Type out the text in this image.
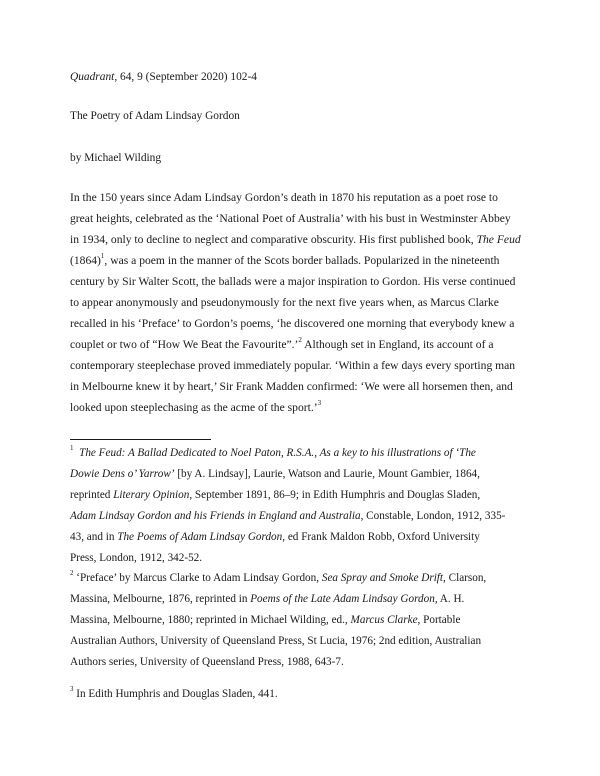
Quadrant, 64, 9 (September 2020) 102-4
The Poetry of Adam Lindsay Gordon
by Michael Wilding
In the 150 years since Adam Lindsay Gordon’s death in 1870 his reputation as a poet rose to
great heights, celebrated as the ‘National Poet of Australia’ with his bust in Westminster Abbey
in 1934, only to decline to neglect and comparative obscurity. His first published book, The Feud
$(1864)^1$, was a poem in the manner of the Scots border ballads. Popularized in the nineteenth
century by Sir Walter Scott, the ballads were a major inspiration to Gordon. His verse continued
to appear anonymously and pseudonymously for the next five years when, as Marcus Clarke
recalled in his ‘Preface’ to Gordon’s poems, ‘he discovered one morning that everybody knew a
couplet or two of “How We Beat the Favourite”.’$^2$ Although set in England, its account of a
contemporary steeplechase proved immediately popular. ‘Within a few days every sporting man
in Melbourne knew it by heart,’ Sir Frank Madden confirmed: ‘We were all horsemen then, and
looked upon steeplechasing as the acme of the sport.’$^3$
$^1$ The Feud: A Ballad Dedicated to Noel Paton, R.S.A., As a key to his illustrations of ‘The
Dowie Dens o’ Yarrow’ [by A. Lindsay], Laurie, Watson and Laurie, Mount Gambier, 1864,
reprinted Literary Opinion, September 1891, 86–9; in Edith Humphris and Douglas Sladen,
Adam Lindsay Gordon and his Friends in England and Australia, Constable, London, 1912, 335-
43, and in The Poems of Adam Lindsay Gordon, ed Frank Maldon Robb, Oxford University
Press, London, 1912, 342-52.
$^2$ ‘Preface’ by Marcus Clarke to Adam Lindsay Gordon, Sea Spray and Smoke Drift, Clarson,
Massina, Melbourne, 1876, reprinted in Poems of the Late Adam Lindsay Gordon, A. H.
Massina, Melbourne, 1880; reprinted in Michael Wilding, ed., Marcus Clarke, Portable
Australian Authors, University of Queensland Press, St Lucia, 1976; 2nd edition, Australian
Authors series, University of Queensland Press, 1988, 643-7.
$^3$ In Edith Humphris and Douglas Sladen, 441.
